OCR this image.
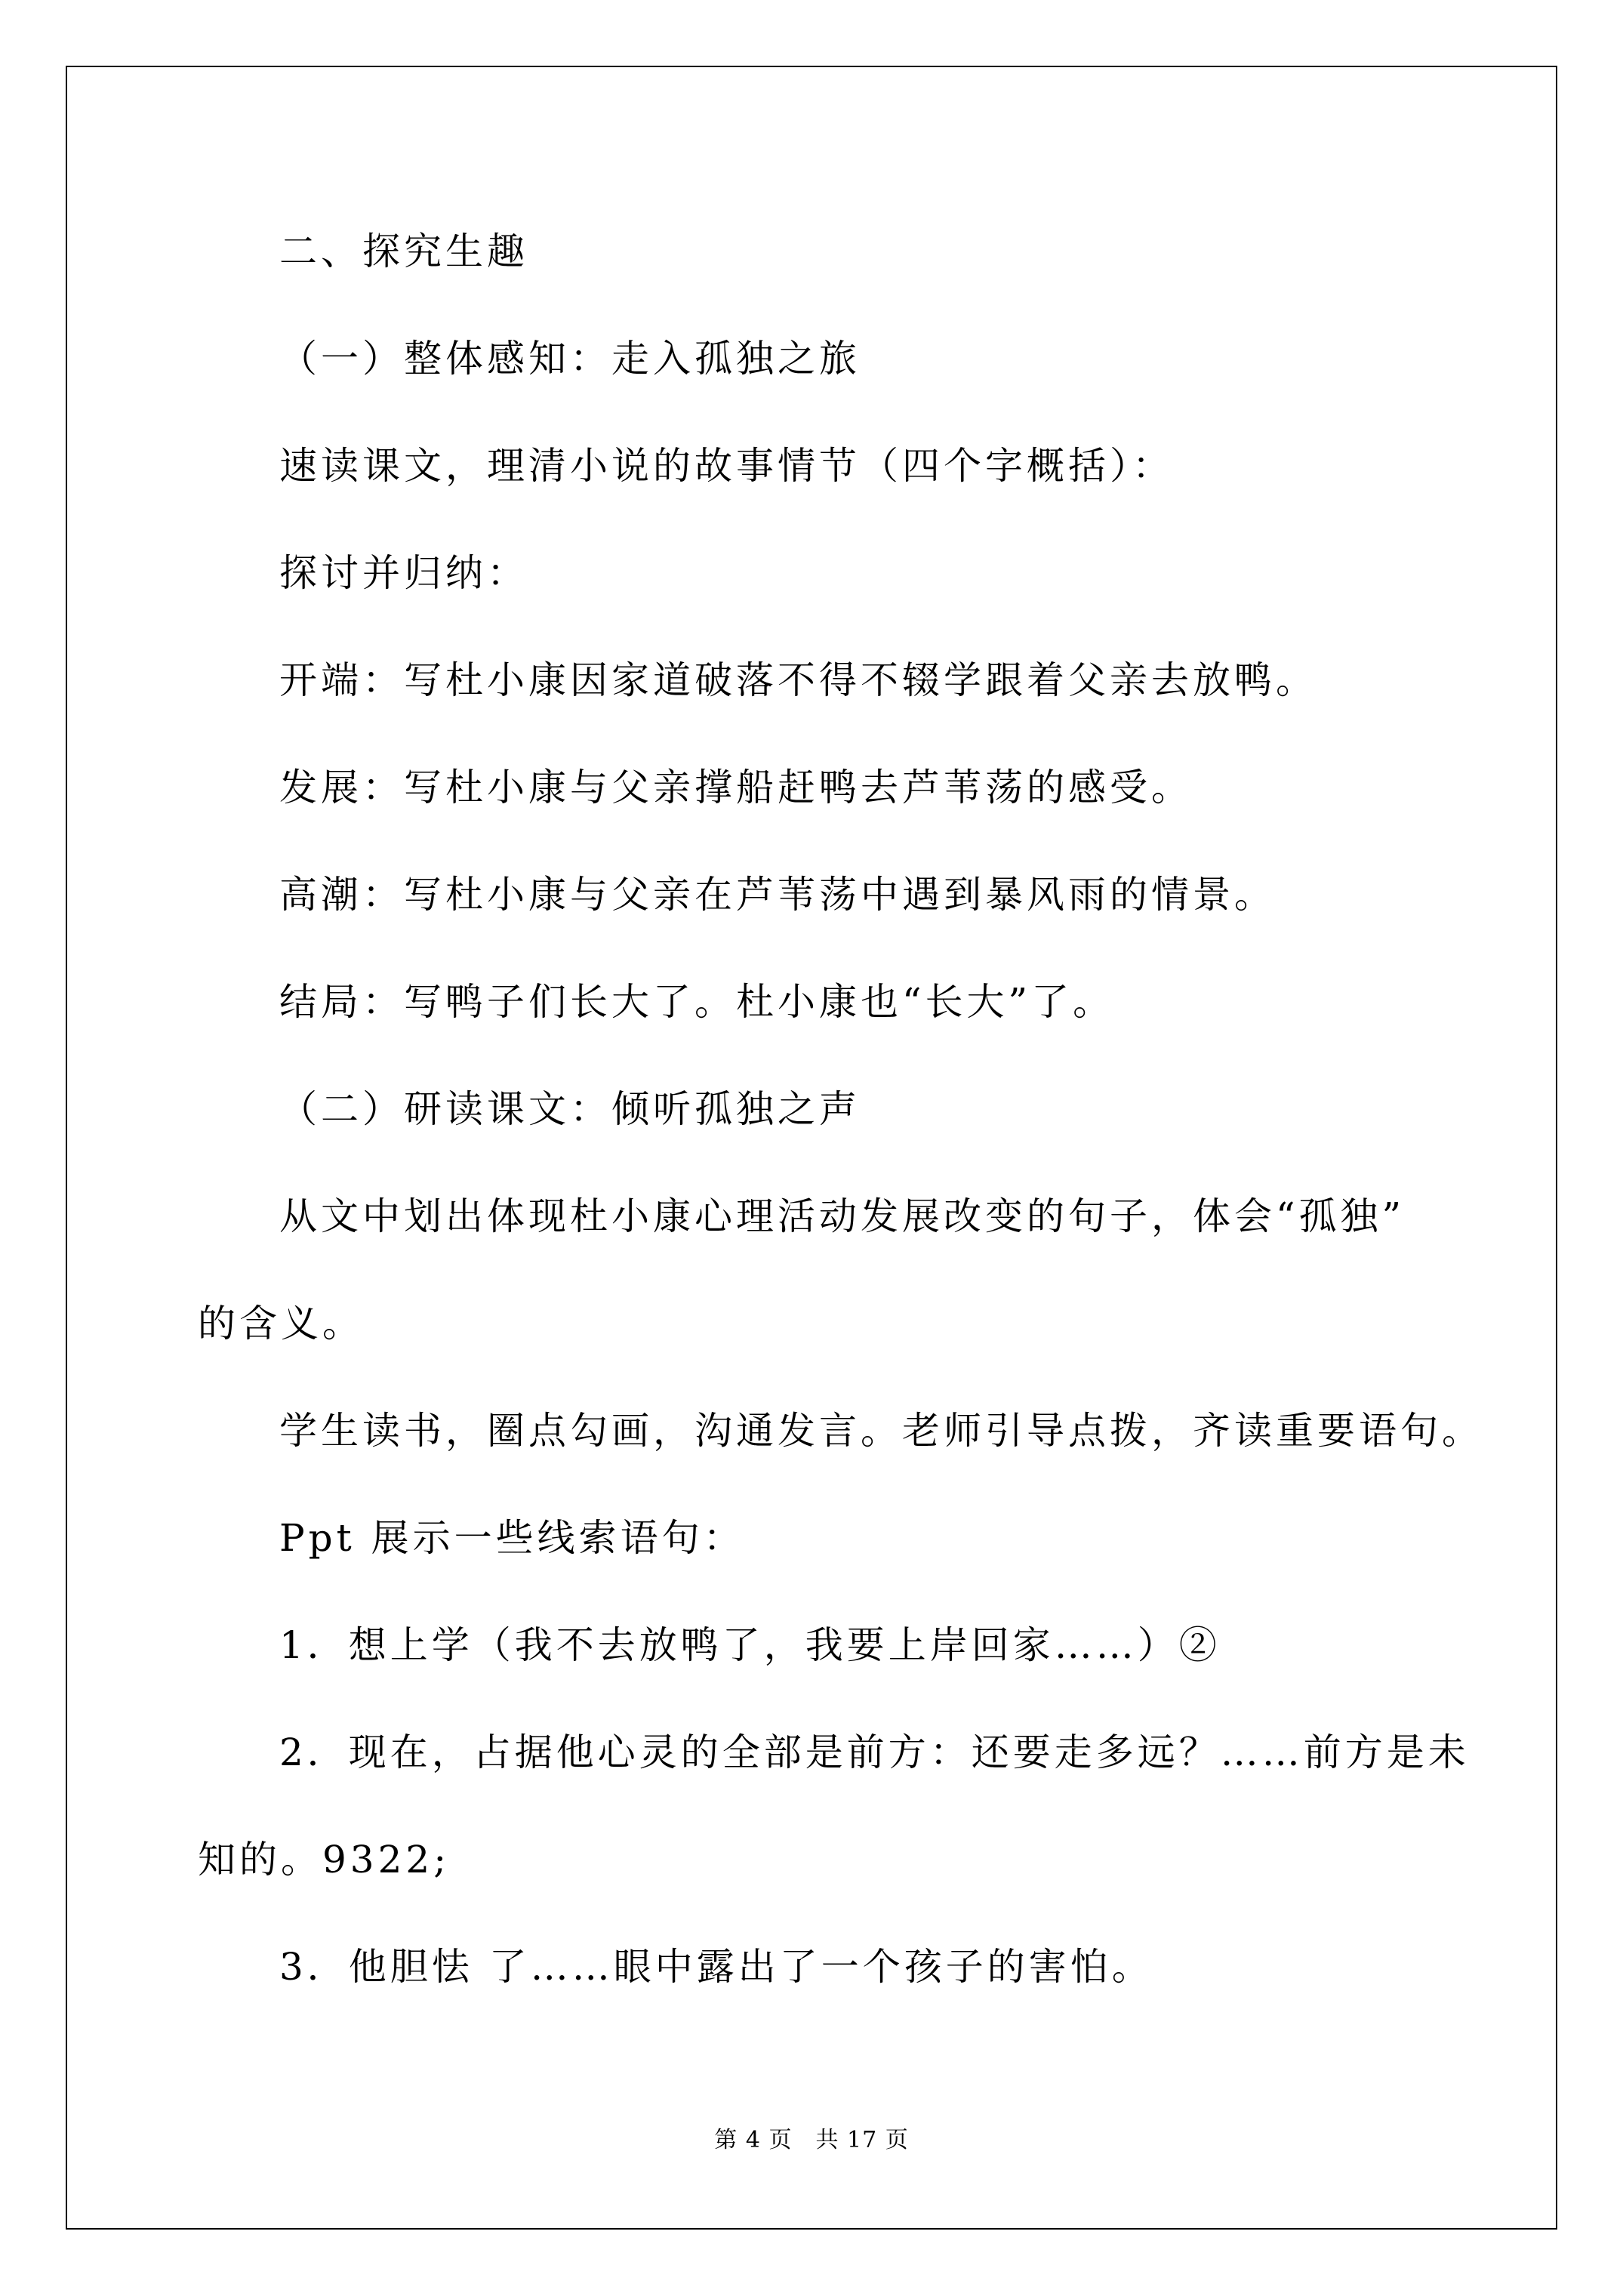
二、探究生趣
（一）整体感知：走入孤独之旅
速读课文，理清小说的故事情节（四个字概括）：
探讨并归纳：
开端：写杜小康因家道破落不得不辍学跟着父亲去放鸭。
发展：写杜小康与父亲撑船赶鸭去芦苇荡的感受。
高潮：写杜小康与父亲在芦苇荡中遇到暴风雨的情景。
结局：写鸭子们长大了。杜小康也“长大”了。
（二）研读课文：倾听孤独之声
从文中划出体现杜小康心理活动发展改变的句子，体会“孤独”
的含义。
学生读书，圈点勾画，沟通发言。老师引导点拨，齐读重要语句。
Ppt 展示一些线索语句：
1．想上学（我不去放鸭了，我要上岸回家……）②
2．现在，占据他心灵的全部是前方：还要走多远？……前方是未
知的。9322;
3．他胆怯 了……眼中露出了一个孩子的害怕。
第 4 页　共 17 页
